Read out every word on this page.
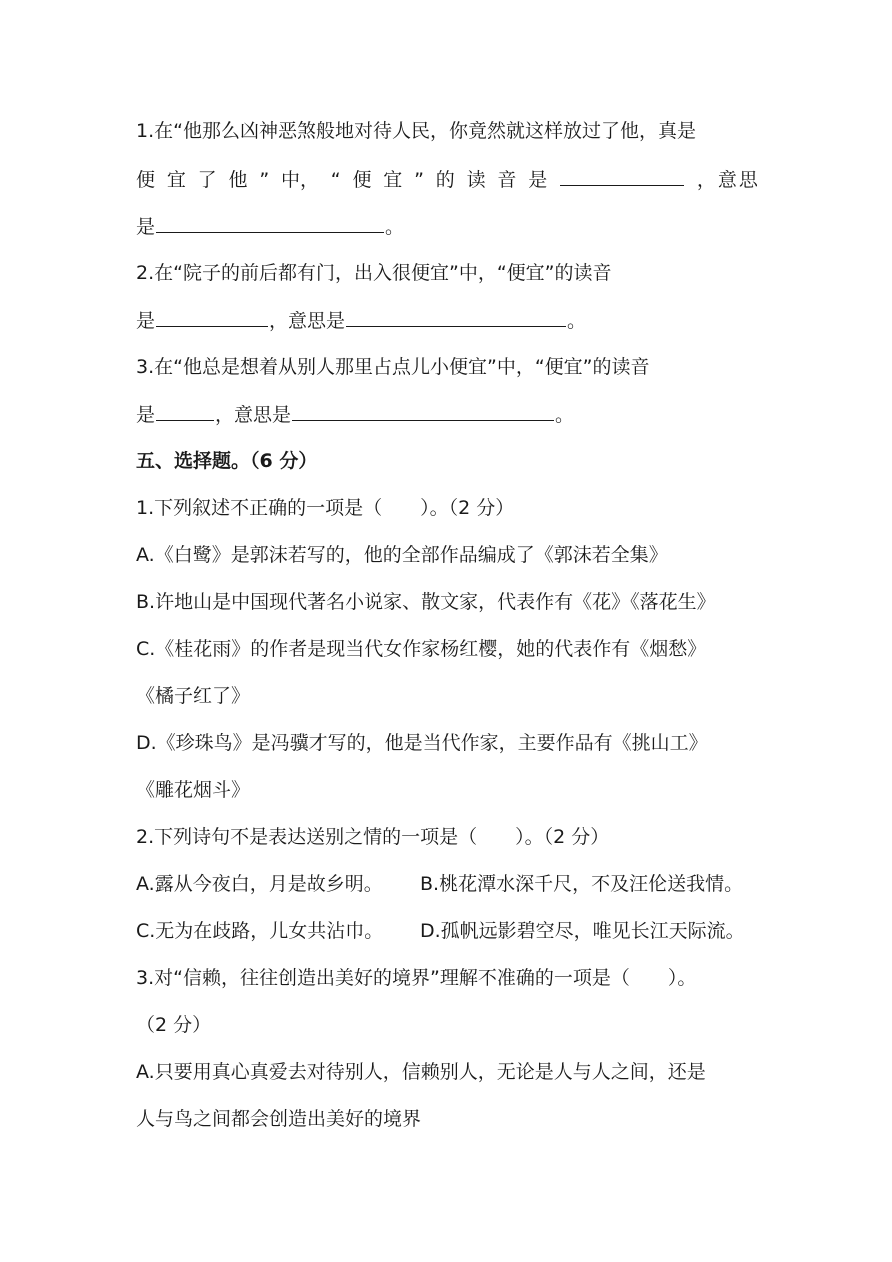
1.在“他那么凶神恶煞般地对待人民，你竟然就这样放过了他，真是
便 宜 了 他 ” 中， “ 便 宜 ” 的 读 音 是	，意思
是	。
2.在“院子的前后都有门，出入很便宜”中，“便宜”的读音
是	，意思是	。
3.在“他总是想着从别人那里占点儿小便宜”中，“便宜”的读音
是	，意思是	。
五、选择题。（6 分）
1.下列叙述不正确的一项是（　　）。（2 分）
A.《白鹭》是郭沫若写的，他的全部作品编成了《郭沫若全集》
B.许地山是中国现代著名小说家、散文家，代表作有《花》《落花生》
C.《桂花雨》的作者是现当代女作家杨红樱，她的代表作有《烟愁》
《橘子红了》
D.《珍珠鸟》是冯骥才写的，他是当代作家，主要作品有《挑山工》
《雕花烟斗》
2.下列诗句不是表达送别之情的一项是（　　）。（2 分）
A.露从今夜白，月是故乡明。 B.桃花潭水深千尺，不及汪伦送我情。
C.无为在歧路，儿女共沾巾。 D.孤帆远影碧空尽，唯见长江天际流。
3.对“信赖，往往创造出美好的境界”理解不准确的一项是（　　）。
（2 分）
A.只要用真心真爱去对待别人，信赖别人，无论是人与人之间，还是
人与鸟之间都会创造出美好的境界
